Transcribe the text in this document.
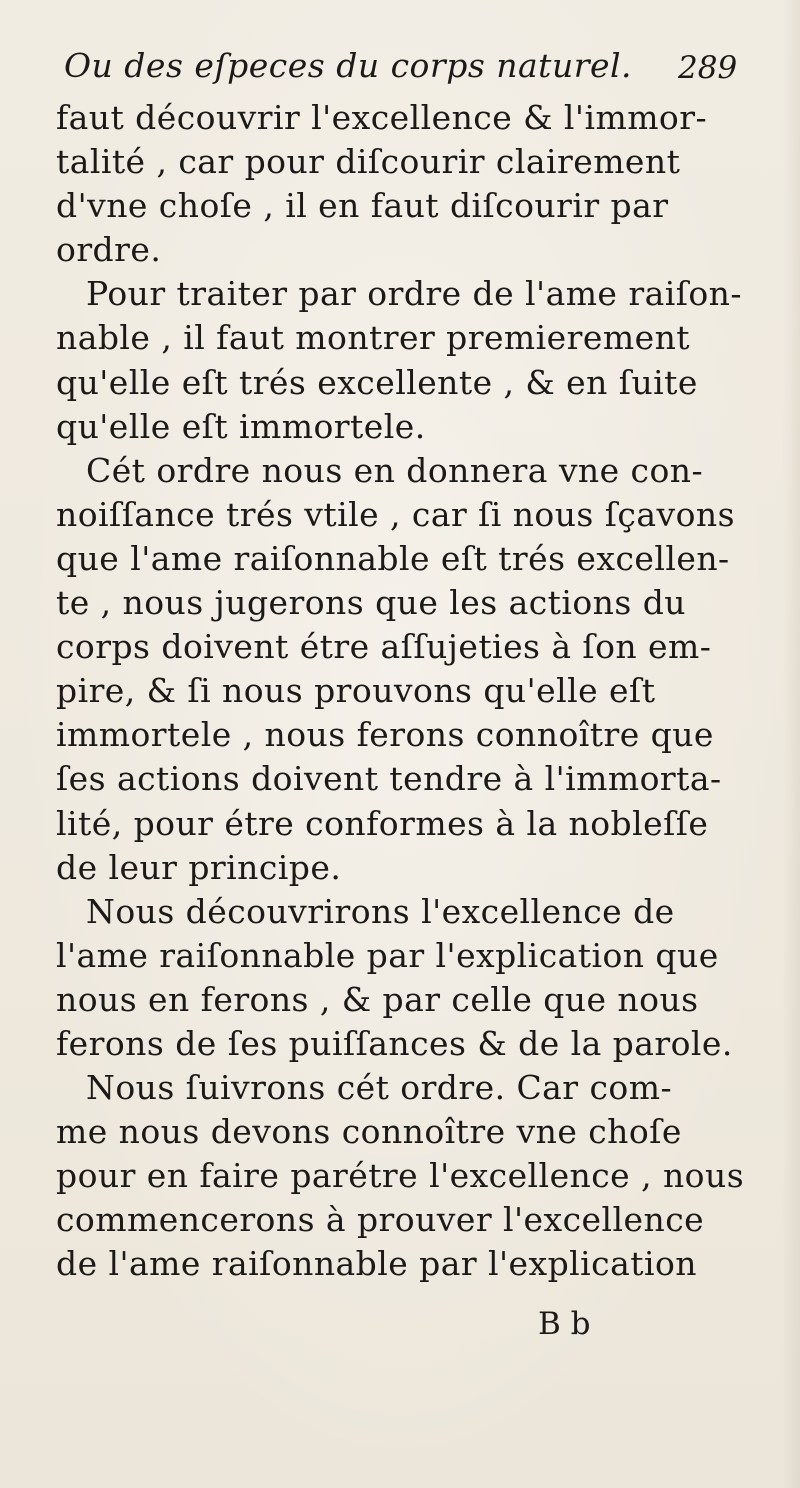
Ou des eſpeces du corps naturel. 289
faut découvrir l'excellence & l'immor-
talité , car pour diſcourir clairement
d'vne choſe , il en faut diſcourir par
ordre.
Pour traiter par ordre de l'ame raiſon-
nable , il faut montrer premierement
qu'elle eſt trés excellente , & en ſuite
qu'elle eſt immortele.
Cét ordre nous en donnera vne con-
noiſſance trés vtile , car ſi nous ſçavons
que l'ame raiſonnable eſt trés excellen-
te , nous jugerons que les actions du
corps doivent étre aſſujeties à ſon em-
pire, & ſi nous prouvons qu'elle eſt
immortele , nous ferons connoître que
ſes actions doivent tendre à l'immorta-
lité, pour étre conformes à la nobleſſe
de leur principe.
Nous découvrirons l'excellence de
l'ame raiſonnable par l'explication que
nous en ferons , & par celle que nous
ferons de ſes puiſſances & de la parole.
Nous ſuivrons cét ordre. Car com-
me nous devons connoître vne choſe
pour en faire parétre l'excellence , nous
commencerons à prouver l'excellence
de l'ame raiſonnable par l'explication
B b
